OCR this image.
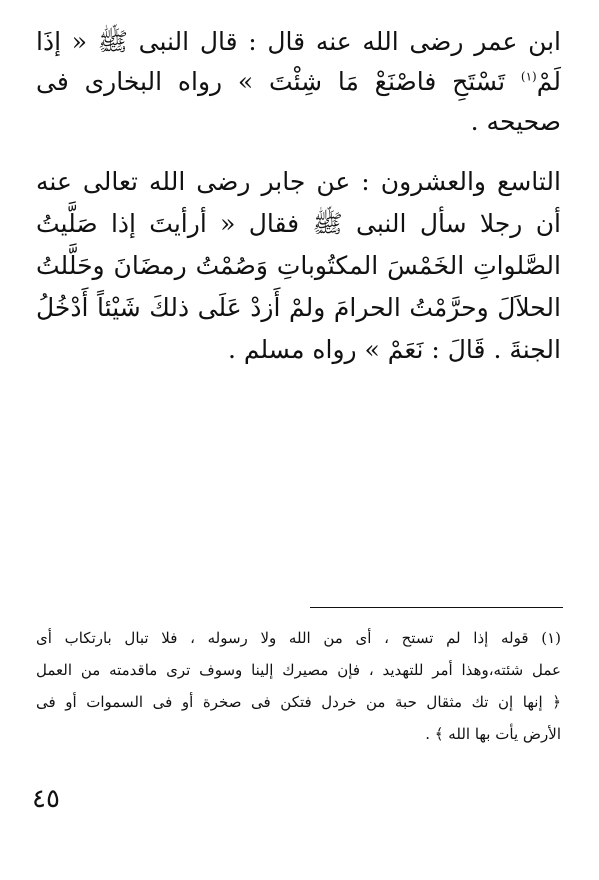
ابن عمر رضى الله عنه قال : قال النبى ﷺ « إذَا
لَمْ$^{(١)}$ تَسْتَحِ فاصْنَعْ مَا شِئْتَ » رواه البخارى فى
صحيحه .
التاسع والعشرون : عن جابر رضى الله تعالى عنه
أن رجلا سأل النبى ﷺ فقال « أرأيتَ إذا صَلَّيتُ
الصَّلواتِ الخَمْسَ المكتُوباتِ وَصُمْتُ رمضَانَ وحَلَّلتُ
الحلاَلَ وحرَّمْتُ الحرامَ ولمْ أَزدْ عَلَى ذلكَ شَيْئاً أَدْخُلُ
الجنةَ . قَالَ : نَعَمْ » رواه مسلم .
(١) قوله إذا لم تستح ، أى من الله ولا رسوله ، فلا تبال بارتكاب أى
عمل شئته،وهذا أمر للتهديد ، فإن مصيرك إلينا وسوف ترى ماقدمته من العمل
﴿ إنها إن تك مثقال حبة من خردل فتكن فى صخرة أو فى السموات أو فى
الأرض يأت بها الله ﴾ .
٤٥
